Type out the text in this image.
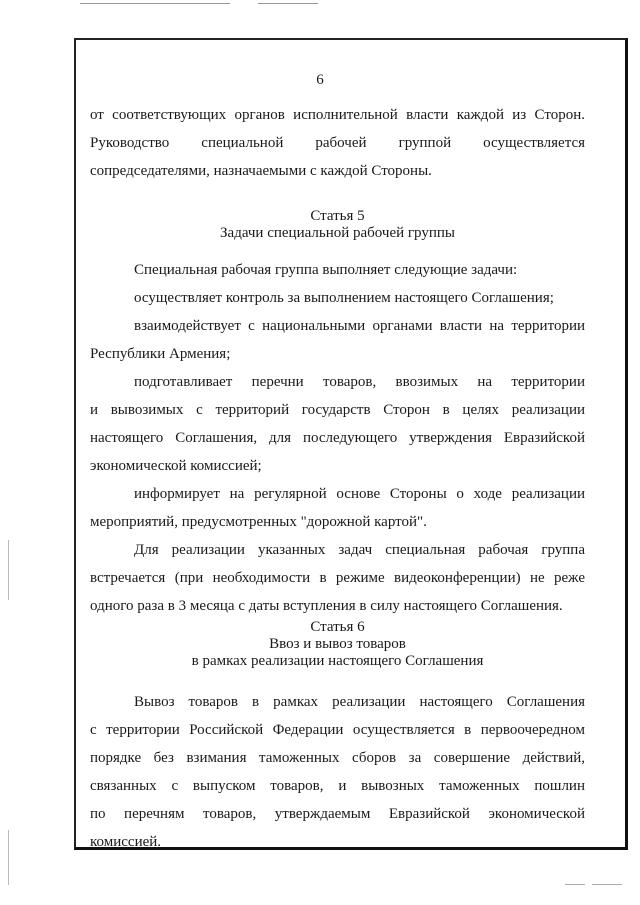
6

от соответствующих органов исполнительной власти каждой из Сторон.

Руководство специальной рабочей группой осуществляется

сопредседателями, назначаемыми с каждой Стороны.

Статья 5

Задачи специальной рабочей группы

Специальная рабочая группа выполняет следующие задачи:

осуществляет контроль за выполнением настоящего Соглашения;

взаимодействует с национальными органами власти на территории

Республики Армения;

подготавливает перечни товаров, ввозимых на территории

и вывозимых с территорий государств Сторон в целях реализации

настоящего Соглашения, для последующего утверждения Евразийской

экономической комиссией;

информирует на регулярной основе Стороны о ходе реализации

мероприятий, предусмотренных "дорожной картой".

Для реализации указанных задач специальная рабочая группа

встречается (при необходимости в режиме видеоконференции) не реже

одного раза в 3 месяца с даты вступления в силу настоящего Соглашения.

Статья 6

Ввоз и вывоз товаров

в рамках реализации настоящего Соглашения

Вывоз товаров в рамках реализации настоящего Соглашения

с территории Российской Федерации осуществляется в первоочередном

порядке без взимания таможенных сборов за совершение действий,

связанных с выпуском товаров, и вывозных таможенных пошлин

по перечням товаров, утверждаемым Евразийской экономической

комиссией.
